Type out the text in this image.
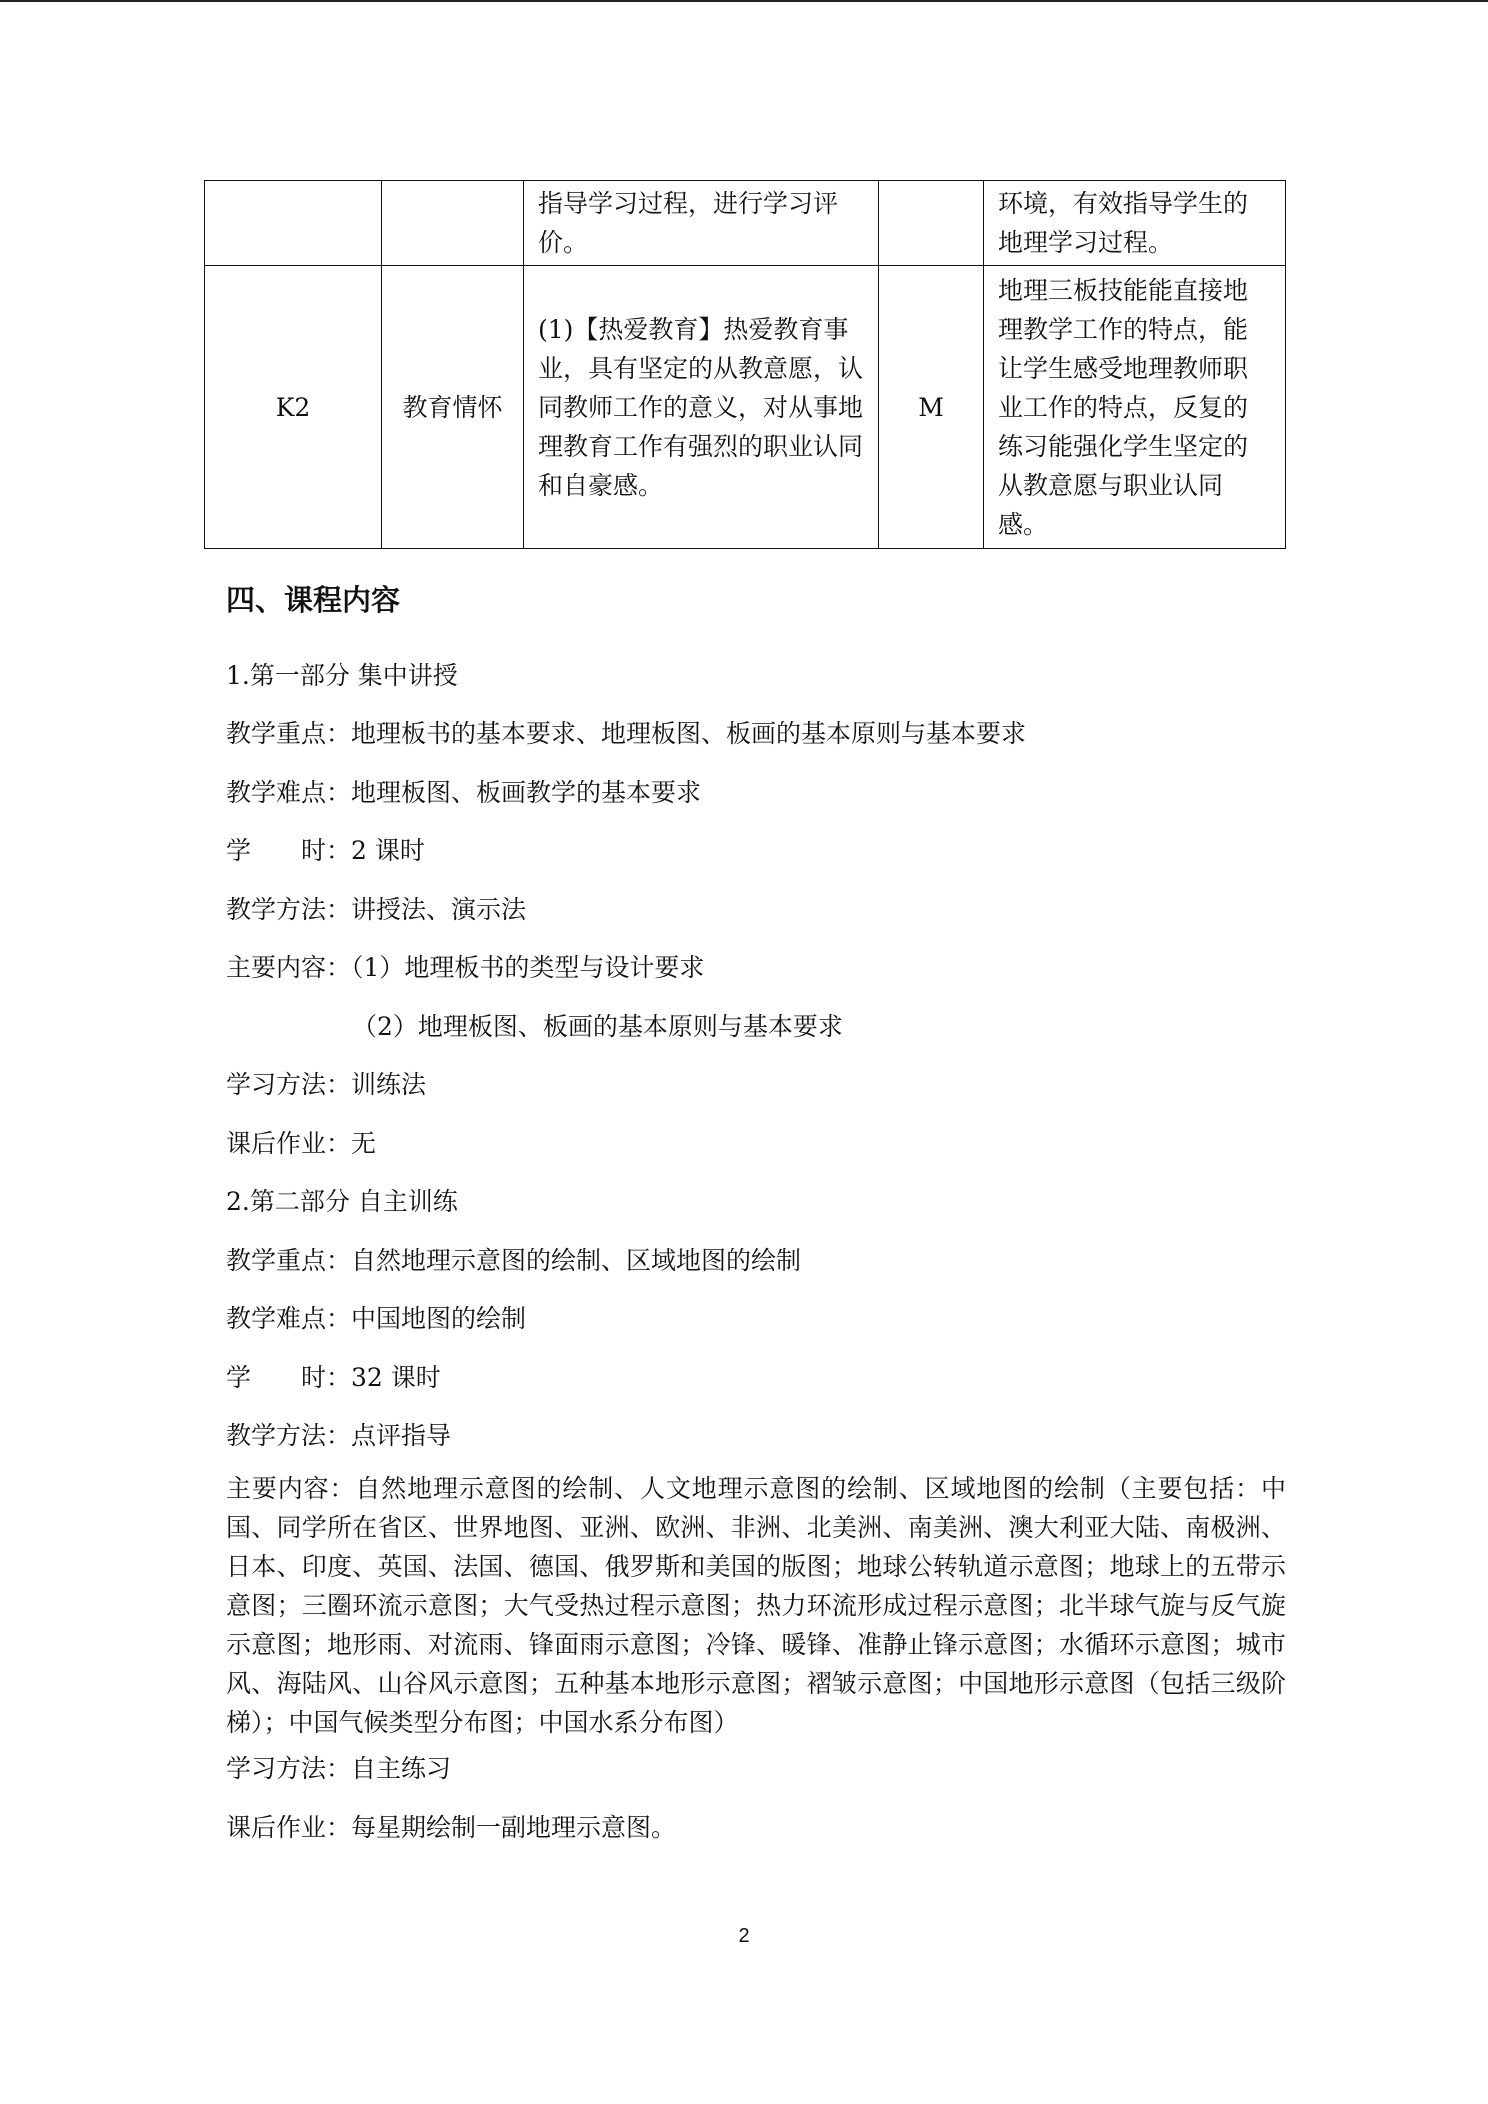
		指导学习过程，进行学习评价。		环境，有效指导学生的地理学习过程。
K2	教育情怀	(1)【热爱教育】热爱教育事业，具有坚定的从教意愿，认同教师工作的意义，对从事地理教育工作有强烈的职业认同和自豪感。	M	地理三板技能能直接地理教学工作的特点，能让学生感受地理教师职业工作的特点，反复的练习能强化学生坚定的从教意愿与职业认同感。
四、课程内容
1.第一部分 集中讲授
教学重点：地理板书的基本要求、地理板图、板画的基本原则与基本要求
教学难点：地理板图、板画教学的基本要求
学　　时：2 课时
教学方法：讲授法、演示法
主要内容：（1）地理板书的类型与设计要求
（2）地理板图、板画的基本原则与基本要求
学习方法：训练法
课后作业：无
2.第二部分 自主训练
教学重点：自然地理示意图的绘制、区域地图的绘制
教学难点：中国地图的绘制
学　　时：32 课时
教学方法：点评指导
主要内容：自然地理示意图的绘制、人文地理示意图的绘制、区域地图的绘制（主要包括：中国、同学所在省区、世界地图、亚洲、欧洲、非洲、北美洲、南美洲、澳大利亚大陆、南极洲、日本、印度、英国、法国、德国、俄罗斯和美国的版图；地球公转轨道示意图；地球上的五带示意图；三圈环流示意图；大气受热过程示意图；热力环流形成过程示意图；北半球气旋与反气旋示意图；地形雨、对流雨、锋面雨示意图；冷锋、暖锋、准静止锋示意图；水循环示意图；城市风、海陆风、山谷风示意图；五种基本地形示意图；褶皱示意图；中国地形示意图（包括三级阶梯）；中国气候类型分布图；中国水系分布图）
学习方法：自主练习
课后作业：每星期绘制一副地理示意图。
2
